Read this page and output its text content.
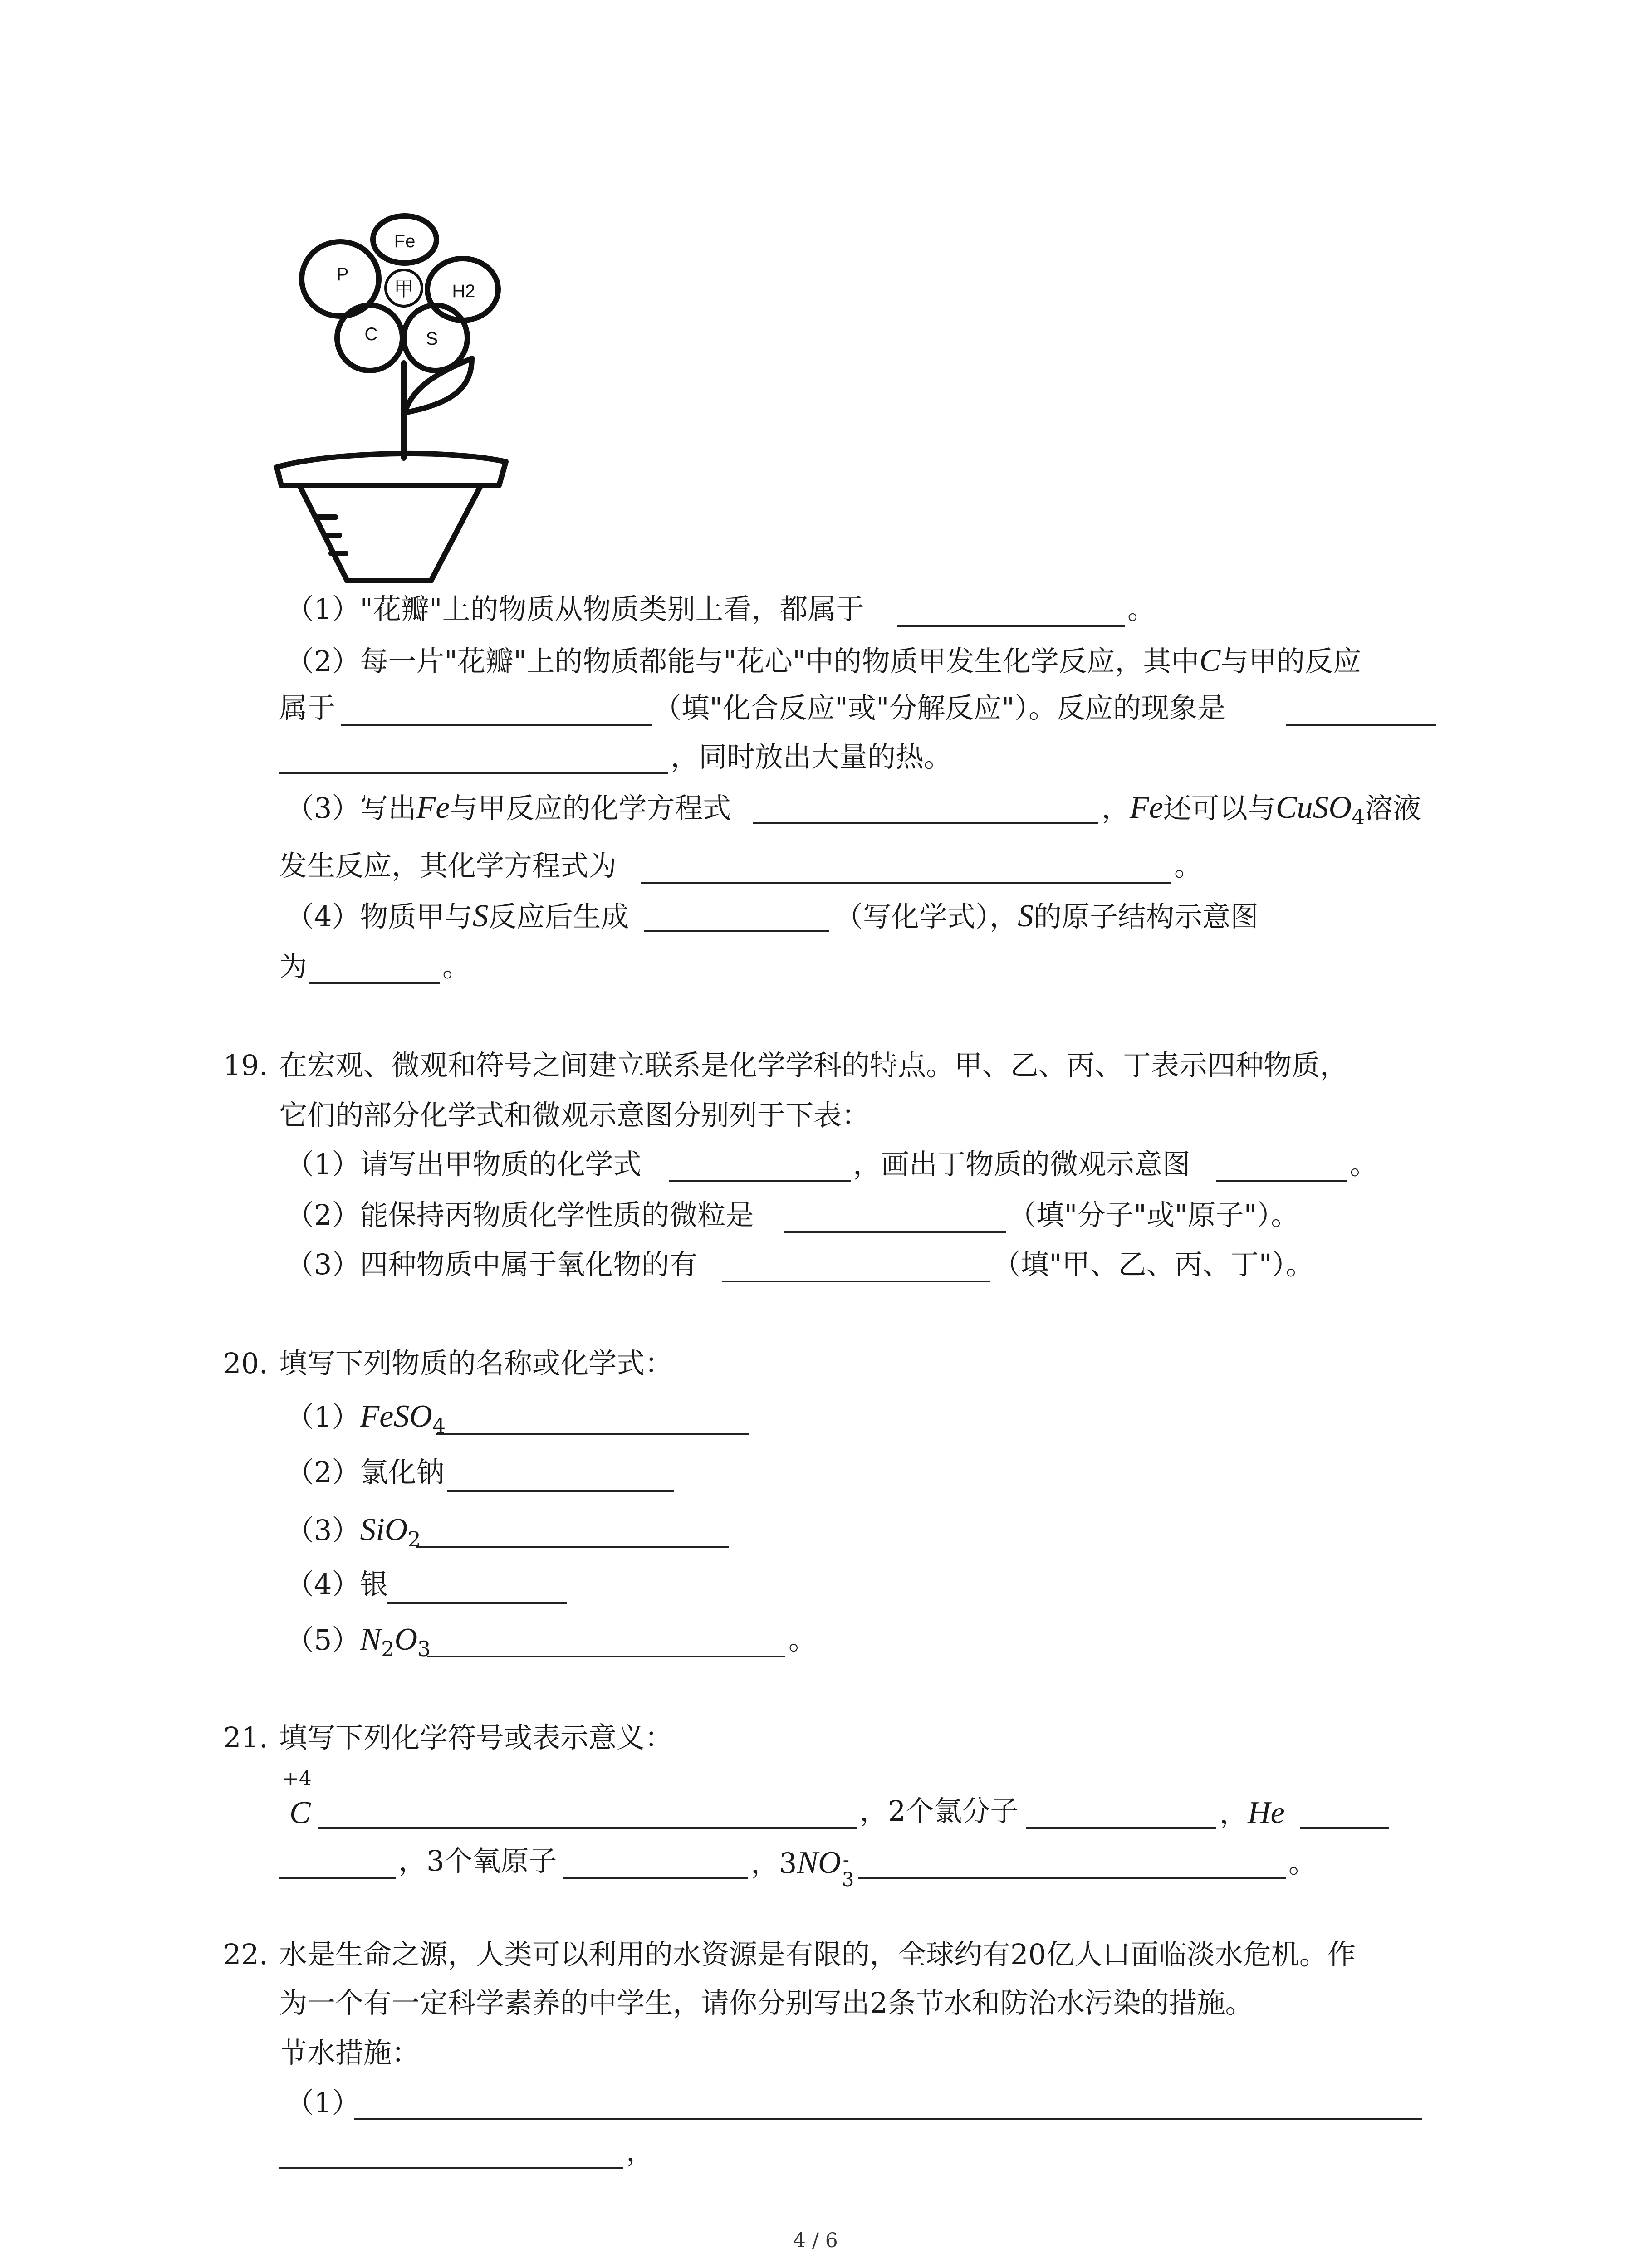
甲
Fe
H2
S
C
P
（1）"花瓣"上的物质从物质类别上看，都属于	。
（2）每一片"花瓣"上的物质都能与"花心"中的物质甲发生化学反应，其中C与甲的反应
属于	（填"化合反应"或"分解反应"）。反应的现象是
，同时放出大量的热。
（3）写出Fe与甲反应的化学方程式	，Fe还可以与CuSO$_4$溶液
发生反应，其化学方程式为	。
（4）物质甲与S反应后生成	（写化学式），S的原子结构示意图
为	。
19. 在宏观、微观和符号之间建立联系是化学学科的特点。甲、乙、丙、丁表示四种物质，
它们的部分化学式和微观示意图分别列于下表：
（1）请写出甲物质的化学式	，画出丁物质的微观示意图	。
（2）能保持丙物质化学性质的微粒是	（填"分子"或"原子"）。
（3）四种物质中属于氧化物的有	（填"甲、乙、丙、丁"）。
20. 填写下列物质的名称或化学式：
（1）FeSO$_4$
（2）氯化钠
（3）SiO$_2$
（4）银
$(5)N_2O_3$	。
21. 填写下列化学符号或表示意义：
+4
C	，2个氯分子	，He
，3个氧原子	，3NO -
3
。
22. 水是生命之源，人类可以利用的水资源是有限的，全球约有20亿人口面临淡水危机。作
为一个有一定科学素养的中学生，请你分别写出2条节水和防治水污染的措施。
节水措施：
（1）
，
4 / 6
